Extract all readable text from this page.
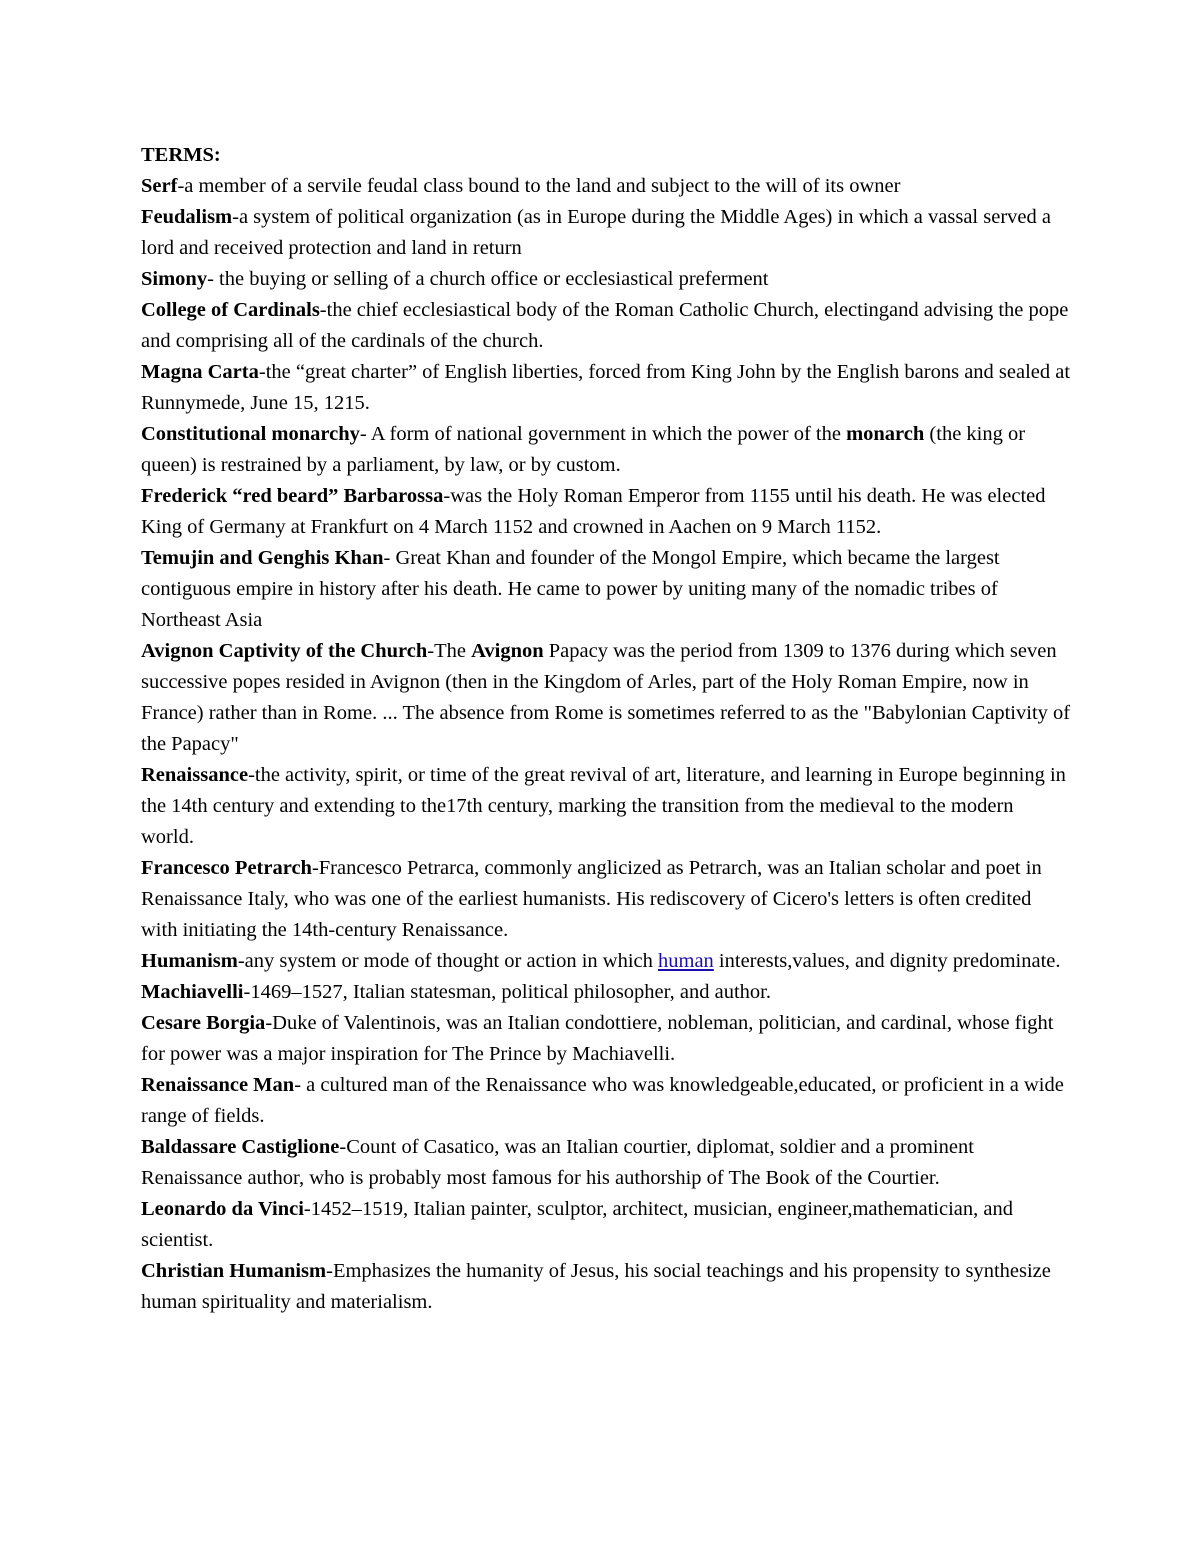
TERMS:

Serf-a member of a servile feudal class bound to the land and subject to the will of its owner

Feudalism-a system of political organization (as in Europe during the Middle Ages) in which a vassal served a lord and received protection and land in return

Simony- the buying or selling of a church office or ecclesiastical preferment

College of Cardinals-the chief ecclesiastical body of the Roman Catholic Church, electingand advising the pope and comprising all of the cardinals of the church.

Magna Carta-the “great charter” of English liberties, forced from King John by the English barons and sealed at Runnymede, June 15, 1215.

Constitutional monarchy- A form of national government in which the power of the monarch (the king or queen) is restrained by a parliament, by law, or by custom.

Frederick “red beard” Barbarossa-was the Holy Roman Emperor from 1155 until his death. He was elected King of Germany at Frankfurt on 4 March 1152 and crowned in Aachen on 9 March 1152.

Temujin and Genghis Khan- Great Khan and founder of the Mongol Empire, which became the largest contiguous empire in history after his death. He came to power by uniting many of the nomadic tribes of Northeast Asia

Avignon Captivity of the Church-The Avignon Papacy was the period from 1309 to 1376 during which seven successive popes resided in Avignon (then in the Kingdom of Arles, part of the Holy Roman Empire, now in France) rather than in Rome. ... The absence from Rome is sometimes referred to as the "Babylonian Captivity of the Papacy"

Renaissance-the activity, spirit, or time of the great revival of art, literature, and learning in Europe beginning in the 14th century and extending to the17th century, marking the transition from the medieval to the modern world.

Francesco Petrarch-Francesco Petrarca, commonly anglicized as Petrarch, was an Italian scholar and poet in Renaissance Italy, who was one of the earliest humanists. His rediscovery of Cicero's letters is often credited with initiating the 14th-century Renaissance.

Humanism-any system or mode of thought or action in which human interests,values, and dignity predominate.

Machiavelli-1469–1527, Italian statesman, political philosopher, and author.

Cesare Borgia-Duke of Valentinois, was an Italian condottiere, nobleman, politician, and cardinal, whose fight for power was a major inspiration for The Prince by Machiavelli.

Renaissance Man- a cultured man of the Renaissance who was knowledgeable,educated, or proficient in a wide range of fields.

Baldassare Castiglione-Count of Casatico, was an Italian courtier, diplomat, soldier and a prominent Renaissance author, who is probably most famous for his authorship of The Book of the Courtier.

Leonardo da Vinci-1452–1519, Italian painter, sculptor, architect, musician, engineer,mathematician, and scientist.

Christian Humanism-Emphasizes the humanity of Jesus, his social teachings and his propensity to synthesize human spirituality and materialism.
